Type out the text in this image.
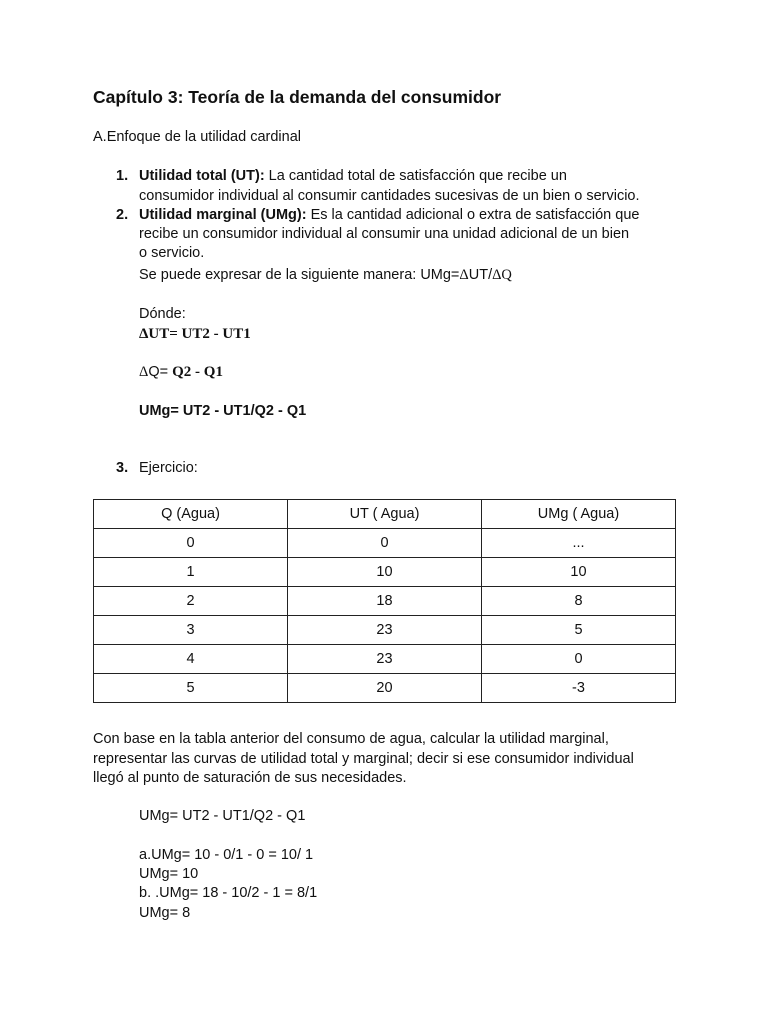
Capítulo 3: Teoría de la demanda del consumidor
A.Enfoque de la utilidad cardinal
1. Utilidad total (UT): La cantidad total de satisfacción que recibe un
consumidor individual al consumir cantidades sucesivas de un bien o servicio.
2. Utilidad marginal (UMg): Es la cantidad adicional o extra de satisfacción que
recibe un consumidor individual al consumir una unidad adicional de un bien
o servicio.
Se puede expresar de la siguiente manera: UMg=ΔUT/ΔQ
Dónde:
ΔUT= UT2 - UT1
ΔQ= Q2 - Q1
UMg= UT2 - UT1/Q2 - Q1
3. Ejercicio:
Q (Agua)	UT ( Agua)	UMg ( Agua)
0	0	...
1	10	10
2	18	8
3	23	5
4	23	0
5	20	-3
Con base en la tabla anterior del consumo de agua, calcular la utilidad marginal,
representar las curvas de utilidad total y marginal; decir si ese consumidor individual
llegó al punto de saturación de sus necesidades.
UMg= UT2 - UT1/Q2 - Q1
a.UMg= 10 - 0/1 - 0 = 10/ 1
UMg= 10
b. .UMg= 18 - 10/2 - 1 = 8/1
UMg= 8
